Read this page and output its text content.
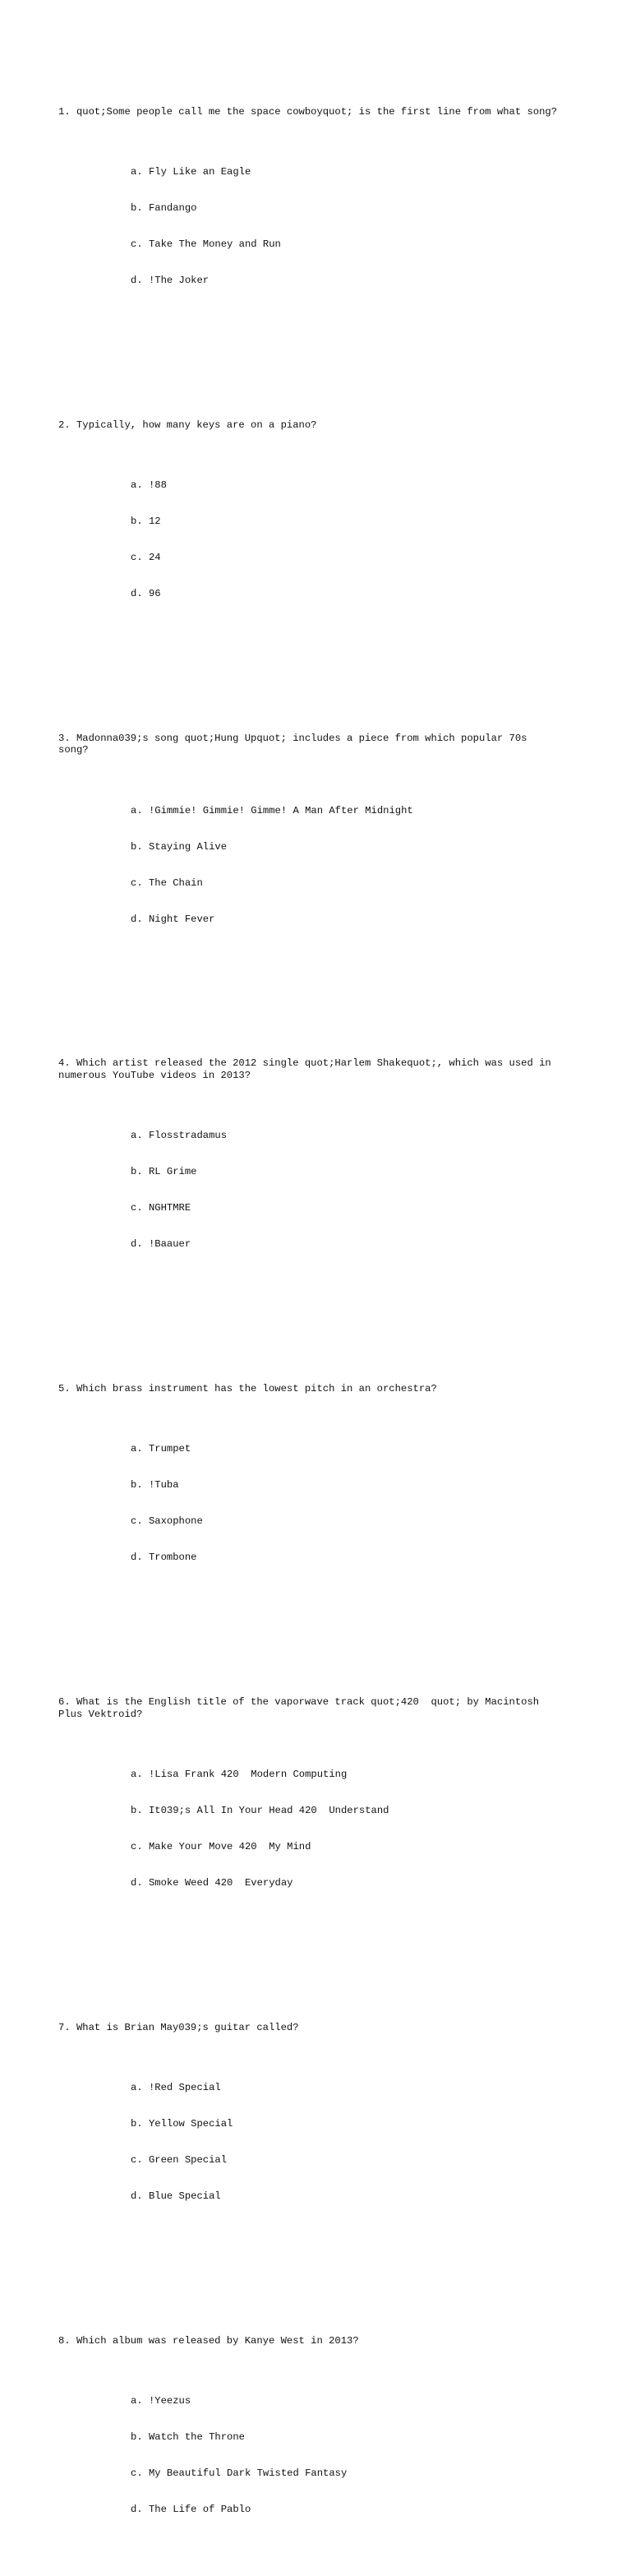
1. quot;Some people call me the space cowboyquot; is the first line from what song?

a. Fly Like an Eagle

b. Fandango

c. Take The Money and Run

d. !The Joker

2. Typically, how many keys are on a piano?

a. !88

b. 12

c. 24

d. 96

3. Madonna039;s song quot;Hung Upquot; includes a piece from which popular 70s
song?

a. !Gimmie! Gimmie! Gimme! A Man After Midnight

b. Staying Alive

c. The Chain

d. Night Fever

4. Which artist released the 2012 single quot;Harlem Shakequot;, which was used in
numerous YouTube videos in 2013?

a. Flosstradamus

b. RL Grime

c. NGHTMRE

d. !Baauer

5. Which brass instrument has the lowest pitch in an orchestra?

a. Trumpet

b. !Tuba

c. Saxophone

d. Trombone

6. What is the English title of the vaporwave track quot;420  quot; by Macintosh
Plus Vektroid?

a. !Lisa Frank 420  Modern Computing

b. It039;s All In Your Head 420  Understand

c. Make Your Move 420  My Mind

d. Smoke Weed 420  Everyday

7. What is Brian May039;s guitar called?

a. !Red Special

b. Yellow Special

c. Green Special

d. Blue Special

8. Which album was released by Kanye West in 2013?

a. !Yeezus

b. Watch the Throne

c. My Beautiful Dark Twisted Fantasy

d. The Life of Pablo
